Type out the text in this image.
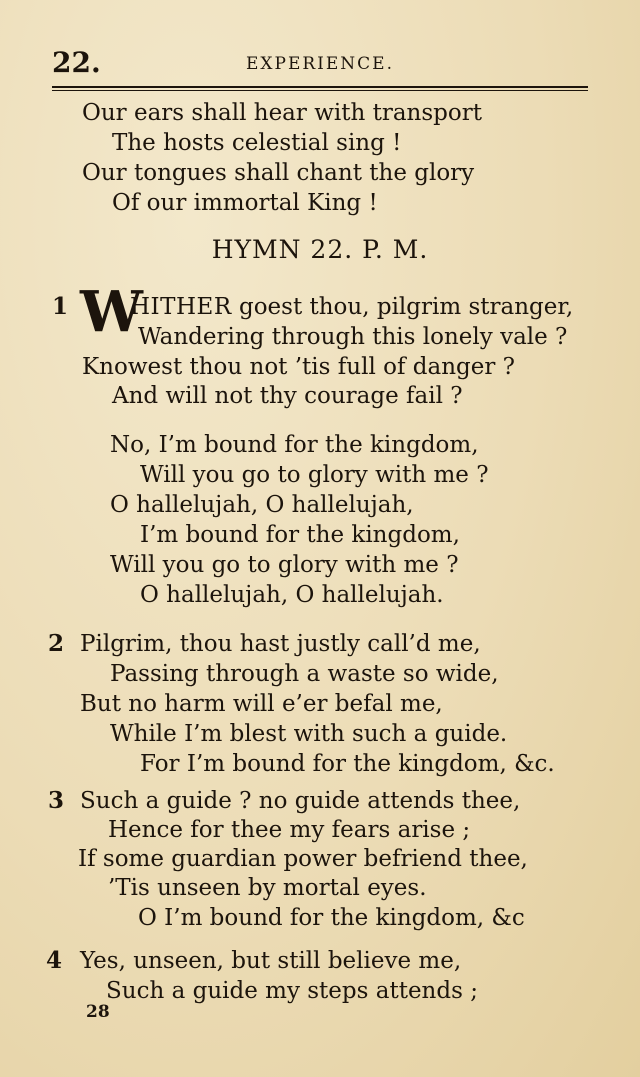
22.	EXPERIENCE.
Our ears shall hear with transport
The hosts celestial sing !
Our tongues shall chant the glory
Of our immortal King !
HYMN 22. P. M.
1 W
HITHER goest thou, pilgrim stranger,
Wandering through this lonely vale ?
Knowest thou not ’tis full of danger ?
And will not thy courage fail ?
No, I’m bound for the kingdom,
Will you go to glory with me ?
O hallelujah, O hallelujah,
I’m bound for the kingdom,
Will you go to glory with me ?
O hallelujah, O hallelujah.
2 Pilgrim, thou hast justly call’d me,
Passing through a waste so wide,
But no harm will e’er befal me,
While I’m blest with such a guide.
For I’m bound for the kingdom, &c.
3 Such a guide ? no guide attends thee,
Hence for thee my fears arise ;
If some guardian power befriend thee,
’Tis unseen by mortal eyes.
O I’m bound for the kingdom, &c
4 Yes, unseen, but still believe me,
Such a guide my steps attends ;
28
